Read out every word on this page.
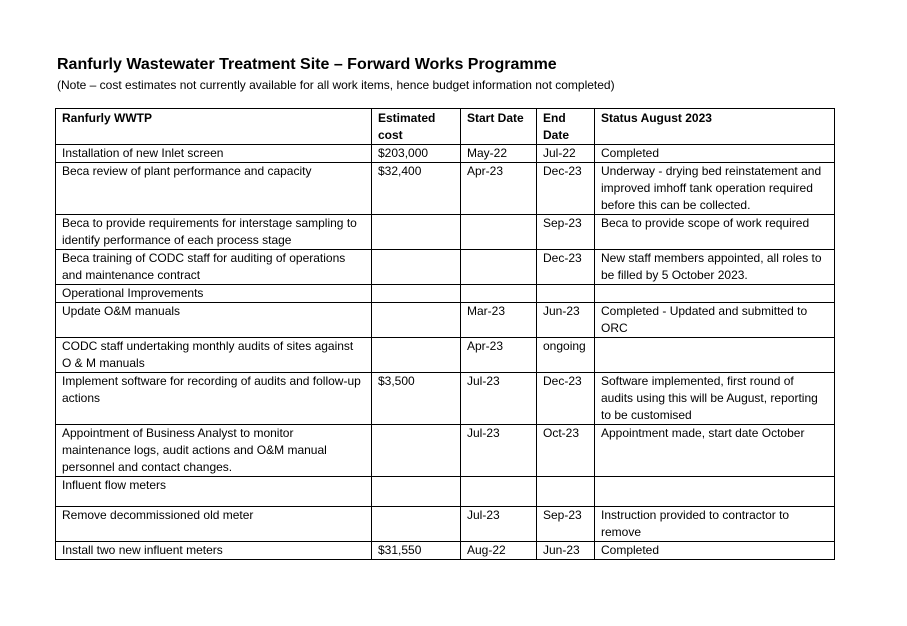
Ranfurly Wastewater Treatment Site – Forward Works Programme
(Note – cost estimates not currently available for all work items, hence budget information not completed)
Ranfurly WWTP	Estimated cost	Start Date	End Date	Status August 2023
Installation of new Inlet screen	$203,000	May-22	Jul-22	Completed
Beca review of plant performance and capacity	$32,400	Apr-23	Dec-23	Underway - drying bed reinstatement and improved imhoff tank operation required before this can be collected.
Beca to provide requirements for interstage sampling to identify performance of each process stage			Sep-23	Beca to provide scope of work required
Beca training of CODC staff for auditing of operations and maintenance contract			Dec-23	New staff members appointed, all roles to be filled by 5 October 2023.
Operational Improvements				
Update O&M manuals		Mar-23	Jun-23	Completed - Updated and submitted to ORC
CODC staff undertaking monthly audits of sites against O & M manuals		Apr-23	ongoing	
Implement software for recording of audits and follow-up actions	$3,500	Jul-23	Dec-23	Software implemented, first round of audits using this will be August, reporting to be customised
Appointment of Business Analyst to monitor maintenance logs, audit actions and O&M manual personnel and contact changes.		Jul-23	Oct-23	Appointment made, start date October
Influent flow meters				
Remove decommissioned old meter		Jul-23	Sep-23	Instruction provided to contractor to remove
Install two new influent meters	$31,550	Aug-22	Jun-23	Completed
